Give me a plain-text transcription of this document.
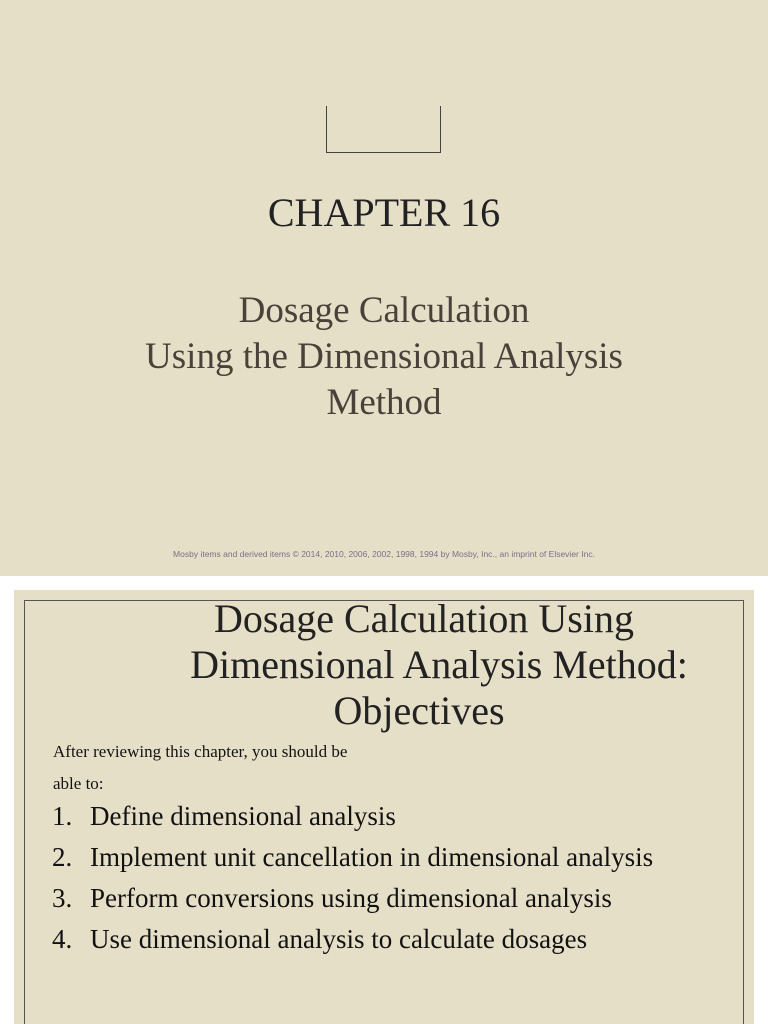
CHAPTER 16
Dosage Calculation
Using the Dimensional Analysis
Method
Mosby items and derived items © 2014, 2010, 2006, 2002, 1998, 1994 by Mosby, Inc., an imprint of Elsevier Inc.
Dosage Calculation Using
Dimensional Analysis Method:
Objectives
After reviewing this chapter, you should be
able to:
1. Define dimensional analysis
2. Implement unit cancellation in dimensional analysis
3. Perform conversions using dimensional analysis
4. Use dimensional analysis to calculate dosages
